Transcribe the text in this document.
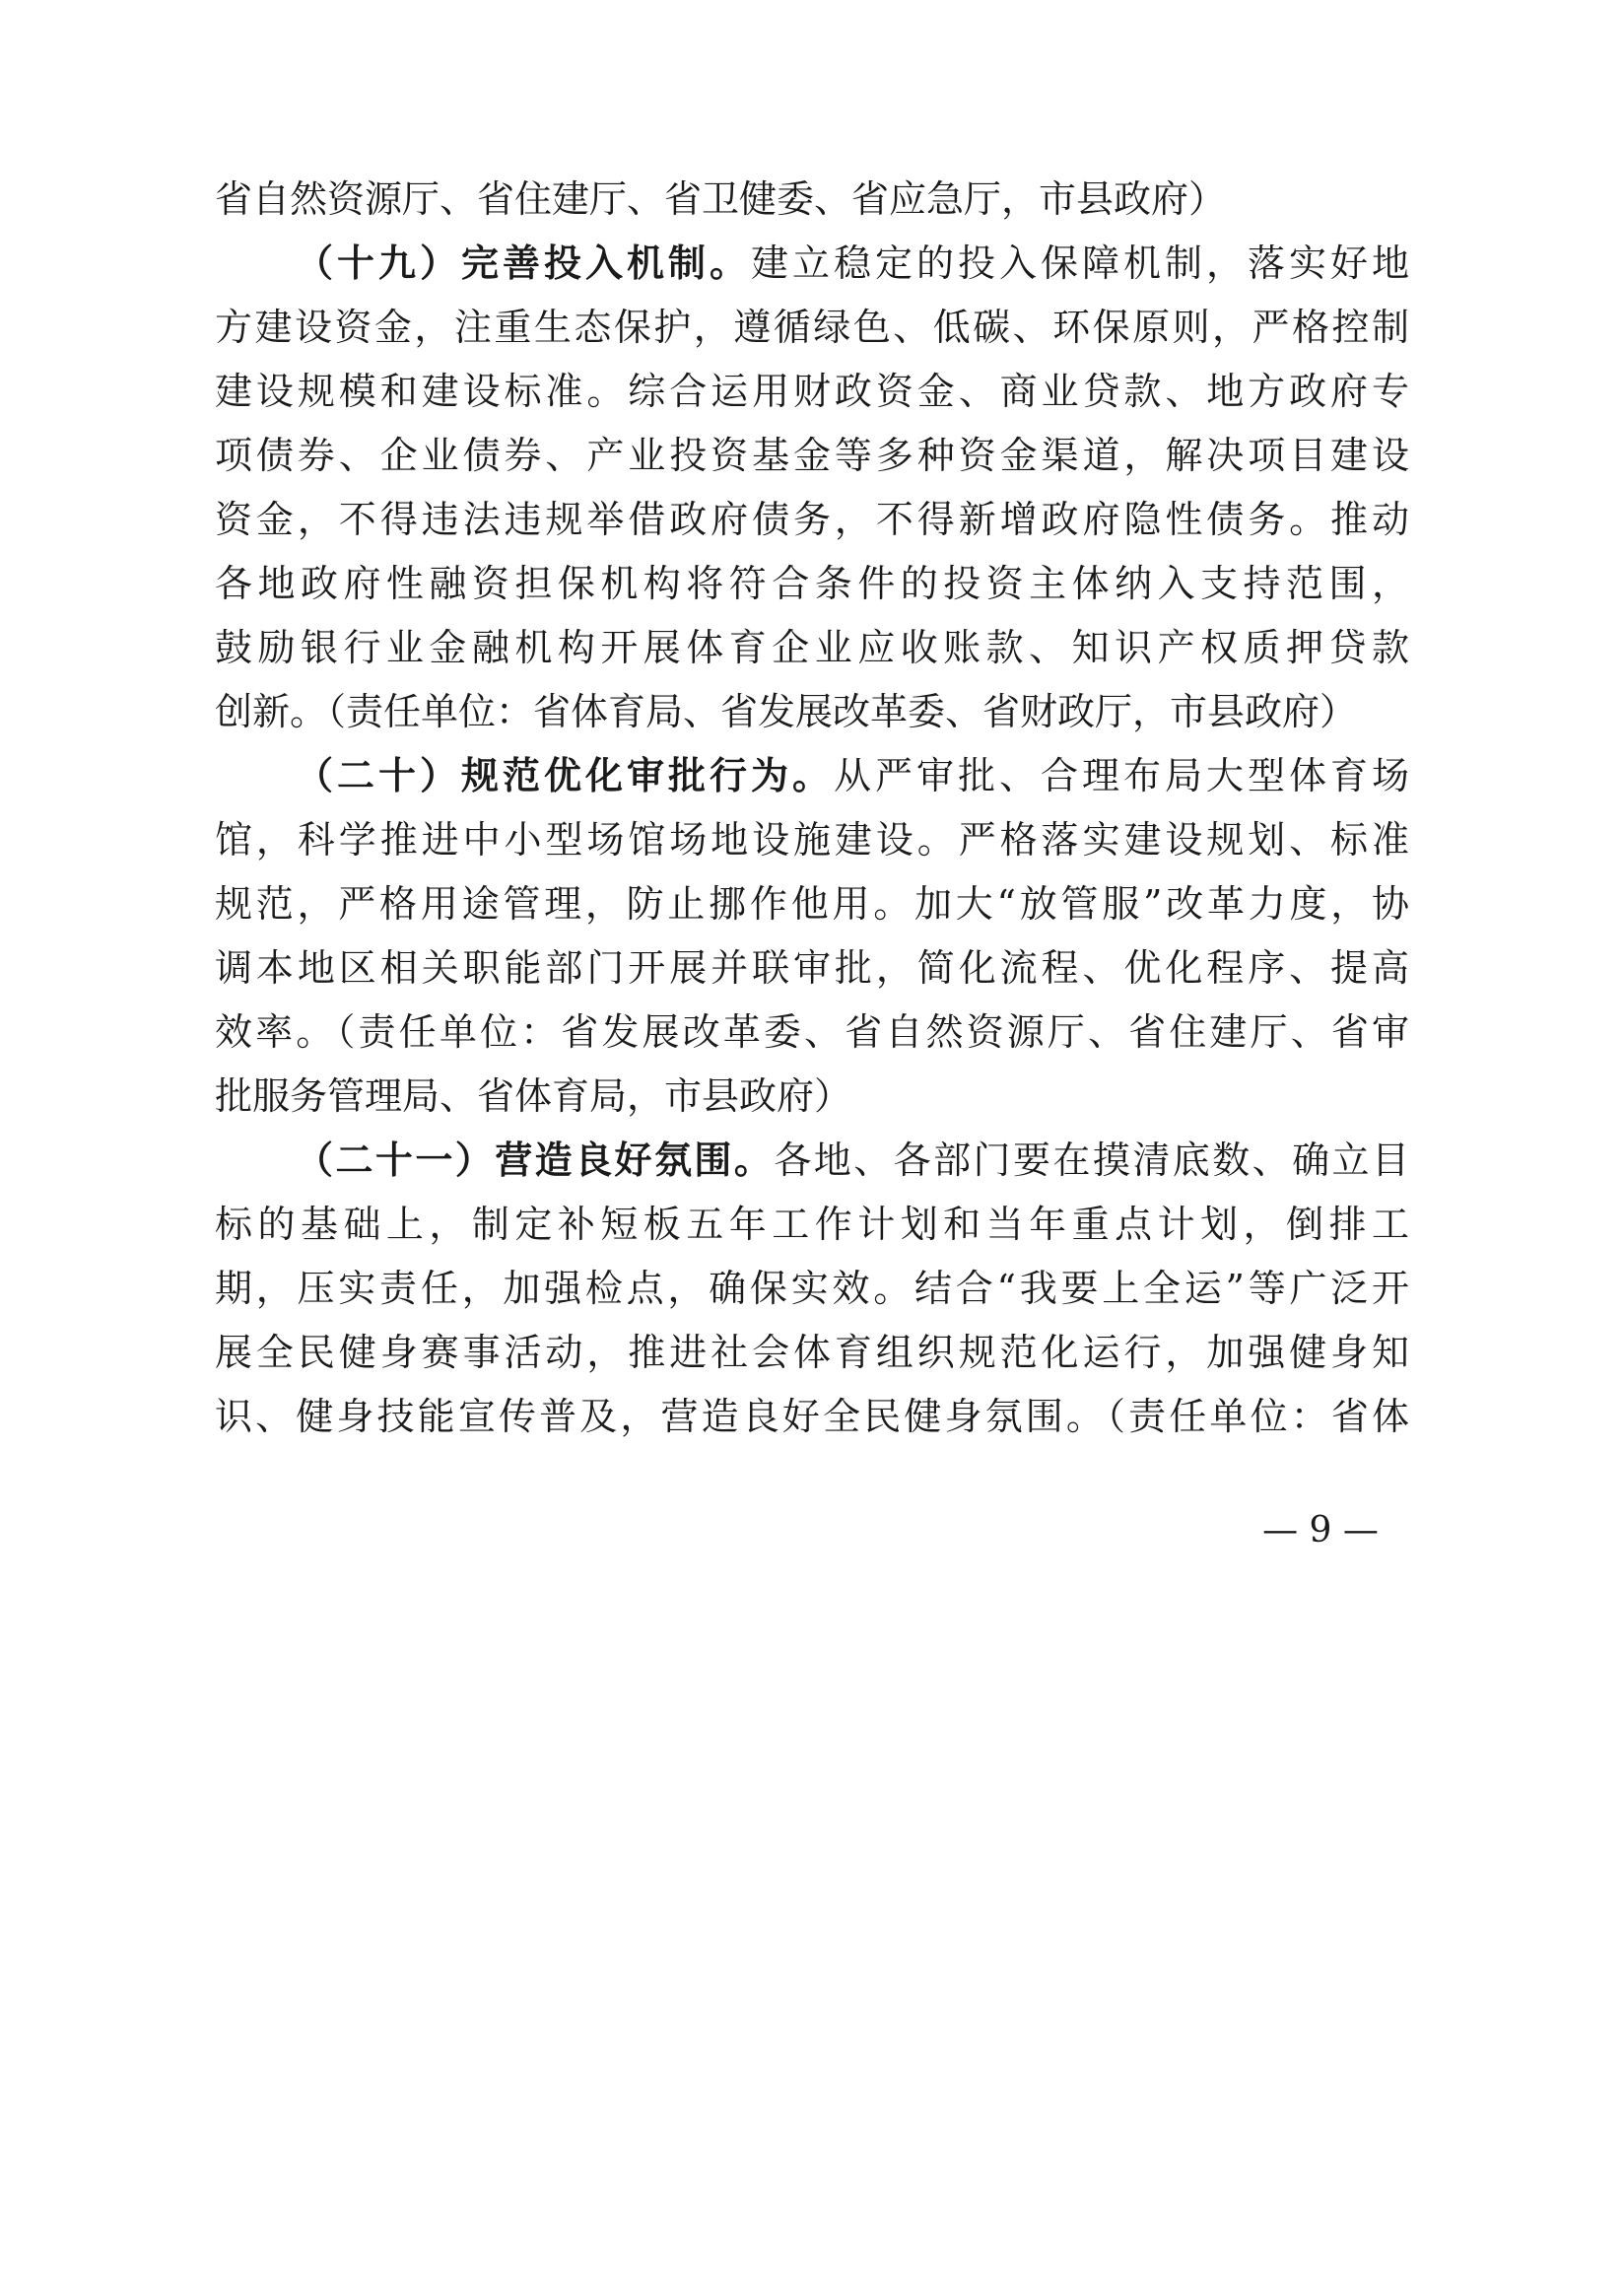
省自然资源厅、省住建厅、省卫健委、省应急厅，市县政府）
（十九）完善投入机制。建立稳定的投入保障机制，落实好地
方建设资金，注重生态保护，遵循绿色、低碳、环保原则，严格控制
建设规模和建设标准。综合运用财政资金、商业贷款、地方政府专
项债券、企业债券、产业投资基金等多种资金渠道，解决项目建设
资金，不得违法违规举借政府债务，不得新增政府隐性债务。推动
各地政府性融资担保机构将符合条件的投资主体纳入支持范围，
鼓励银行业金融机构开展体育企业应收账款、知识产权质押贷款
创新。（责任单位：省体育局、省发展改革委、省财政厅，市县政府）
（二十）规范优化审批行为。从严审批、合理布局大型体育场
馆，科学推进中小型场馆场地设施建设。严格落实建设规划、标准
规范，严格用途管理，防止挪作他用。加大“放管服”改革力度，协
调本地区相关职能部门开展并联审批，简化流程、优化程序、提高
效率。（责任单位：省发展改革委、省自然资源厅、省住建厅、省审
批服务管理局、省体育局，市县政府）
（二十一）营造良好氛围。各地、各部门要在摸清底数、确立目
标的基础上，制定补短板五年工作计划和当年重点计划，倒排工
期，压实责任，加强检点，确保实效。结合“我要上全运”等广泛开
展全民健身赛事活动，推进社会体育组织规范化运行，加强健身知
识、健身技能宣传普及，营造良好全民健身氛围。（责任单位：省体
— 9 —
